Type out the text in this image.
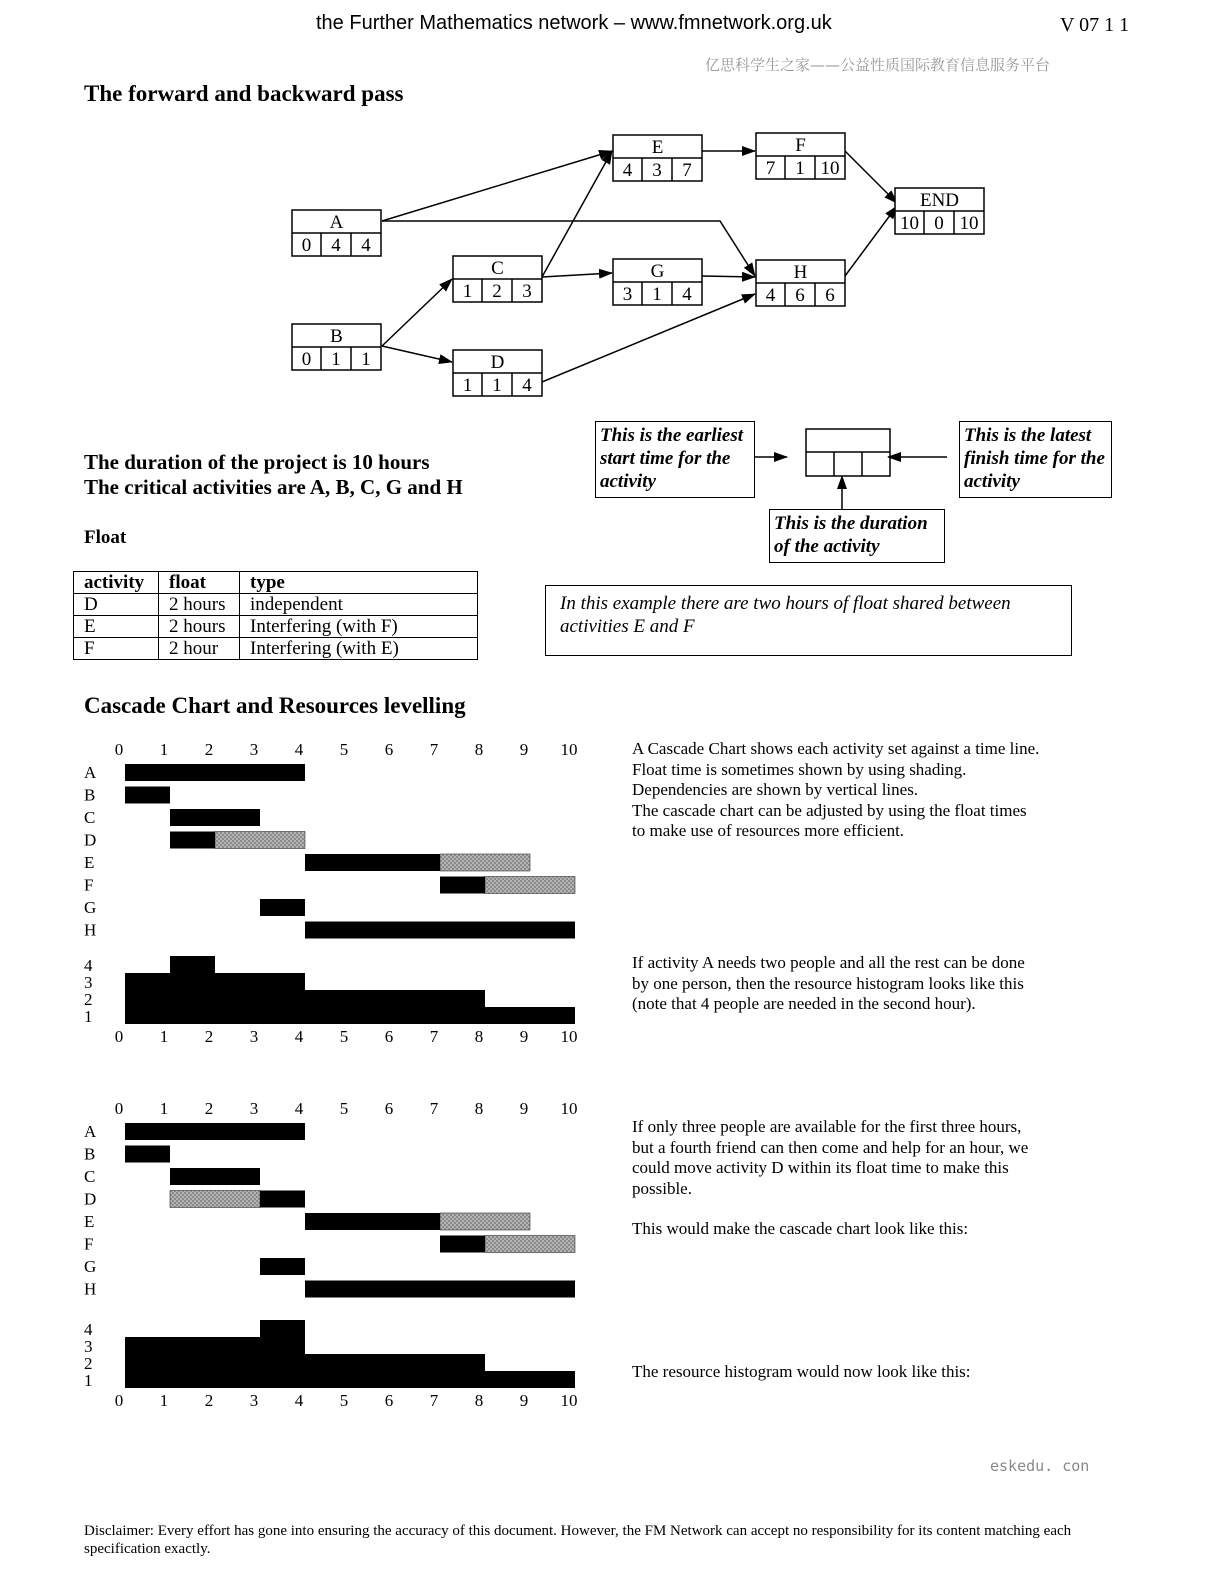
the Further Mathematics network – www.fmnetwork.org.uk	V 07 1 1
亿思科学生之家——公益性质国际教育信息服务平台
The forward and backward pass
A
0 4 4
B
0 1 1
C
1 2 3
D
1 1 4
E
4 3 7
F
7 1 10
G
3 1 4
H
4 6 6
END
10 0 10
This is the earliest start time for the activity
This is the latest finish time for the activity
This is the duration of the activity
The duration of the project is 10 hours
The critical activities are A, B, C, G and H
Float
activity	float	type
D	2 hours	independent
E	2 hours	Interfering (with F)
F	2 hour	Interfering (with E)
In this example there are two hours of float shared between activities E and F
Cascade Chart and Resources levelling
0 1 2 3 4 5 6 7 8 9 10
A
B
C
D
E
F
G
H
1
2
3
4
0 1 2 3 4 5 6 7 8 9 10
0 1 2 3 4 5 6 7 8 9 10
A
B
C
D
E
F
G
H
1
2
3
4
0 1 2 3 4 5 6 7 8 9 10
A Cascade Chart shows each activity set against a time line.
Float time is sometimes shown by using shading.
Dependencies are shown by vertical lines.
The cascade chart can be adjusted by using the float times
to make use of resources more efficient.
If activity A needs two people and all the rest can be done
by one person, then the resource histogram looks like this
(note that 4 people are needed in the second hour).
If only three people are available for the first three hours,
but a fourth friend can then come and help for an hour, we
could move activity D within its float time to make this
possible.
This would make the cascade chart look like this:
The resource histogram would now look like this:
eskedu. con
Disclaimer: Every effort has gone into ensuring the accuracy of this document. However, the FM Network can accept no responsibility for its content matching each specification exactly.
